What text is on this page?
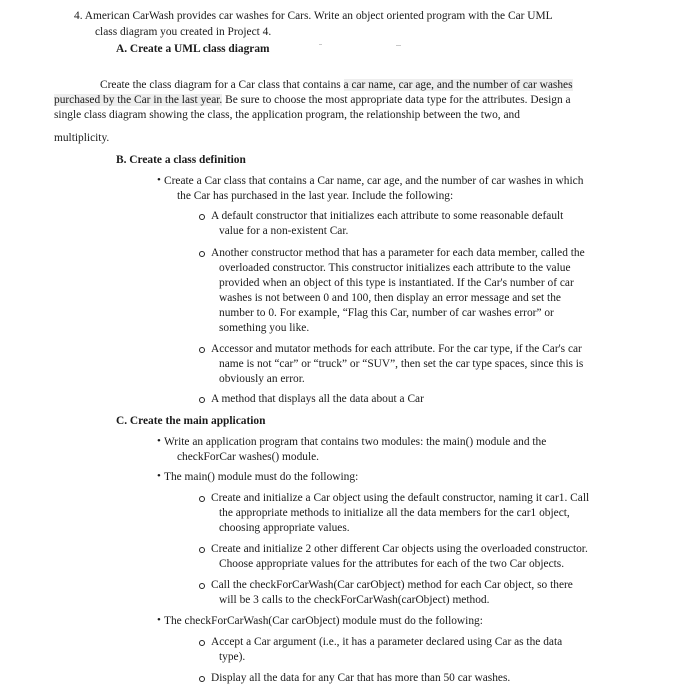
4. American CarWash provides car washes for Cars. Write an object oriented program with the Car UML
class diagram you created in Project 4.
A. Create a UML class diagram
Create the class diagram for a Car class that contains a car name, car age, and the number of car washes
purchased by the Car in the last year. Be sure to choose the most appropriate data type for the attributes. Design a
single class diagram showing the class, the application program, the relationship between the two, and
multiplicity.
B. Create a class definition
• Create a Car class that contains a Car name, car age, and the number of car washes in which
the Car has purchased in the last year. Include the following:
A default constructor that initializes each attribute to some reasonable default
value for a non-existent Car.
Another constructor method that has a parameter for each data member, called the
overloaded constructor. This constructor initializes each attribute to the value
provided when an object of this type is instantiated. If the Car's number of car
washes is not between 0 and 100, then display an error message and set the
number to 0. For example, “Flag this Car, number of car washes error” or
something you like.
Accessor and mutator methods for each attribute. For the car type, if the Car's car
name is not “car” or “truck” or “SUV”, then set the car type spaces, since this is
obviously an error.
A method that displays all the data about a Car
C. Create the main application
• Write an application program that contains two modules: the main() module and the
checkForCar washes() module.
• The main() module must do the following:
Create and initialize a Car object using the default constructor, naming it car1. Call
the appropriate methods to initialize all the data members for the car1 object,
choosing appropriate values.
Create and initialize 2 other different Car objects using the overloaded constructor.
Choose appropriate values for the attributes for each of the two Car objects.
Call the checkForCarWash(Car carObject) method for each Car object, so there
will be 3 calls to the checkForCarWash(carObject) method.
• The checkForCarWash(Car carObject) module must do the following:
Accept a Car argument (i.e., it has a parameter declared using Car as the data
type).
Display all the data for any Car that has more than 50 car washes.
